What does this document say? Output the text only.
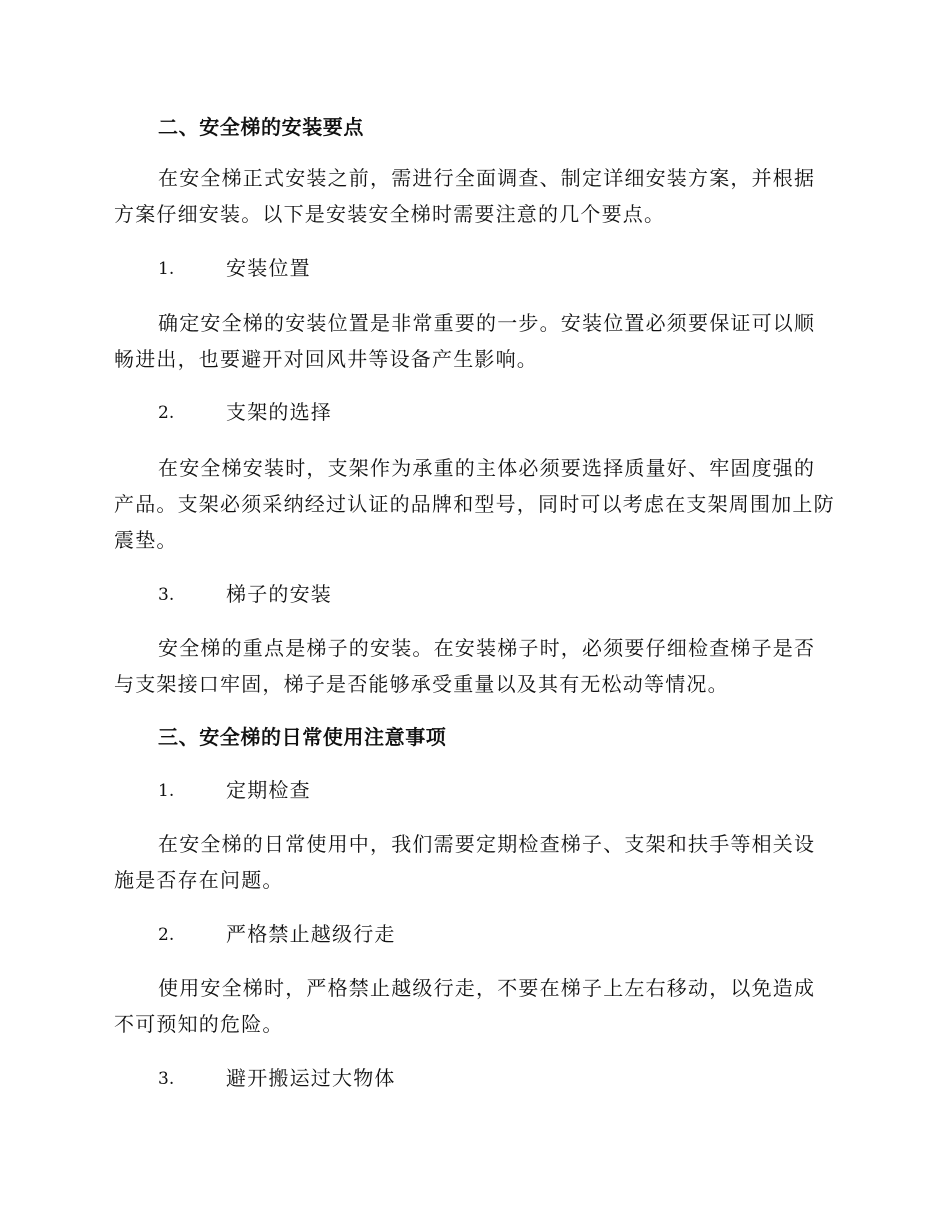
二、安全梯的安装要点
在安全梯正式安装之前，需进行全面调查、制定详细安装方案，并根据方案仔细安装。以下是安装安全梯时需要注意的几个要点。
1.	安装位置
确定安全梯的安装位置是非常重要的一步。安装位置必须要保证可以顺畅进出，也要避开对回风井等设备产生影响。
2.	支架的选择
在安全梯安装时，支架作为承重的主体必须要选择质量好、牢固度强的产品。支架必须采纳经过认证的品牌和型号，同时可以考虑在支架周围加上防震垫。
3.	梯子的安装
安全梯的重点是梯子的安装。在安装梯子时，必须要仔细检查梯子是否与支架接口牢固，梯子是否能够承受重量以及其有无松动等情况。
三、安全梯的日常使用注意事项
1.	定期检查
在安全梯的日常使用中，我们需要定期检查梯子、支架和扶手等相关设施是否存在问题。
2.	严格禁止越级行走
使用安全梯时，严格禁止越级行走，不要在梯子上左右移动，以免造成不可预知的危险。
3.	避开搬运过大物体
